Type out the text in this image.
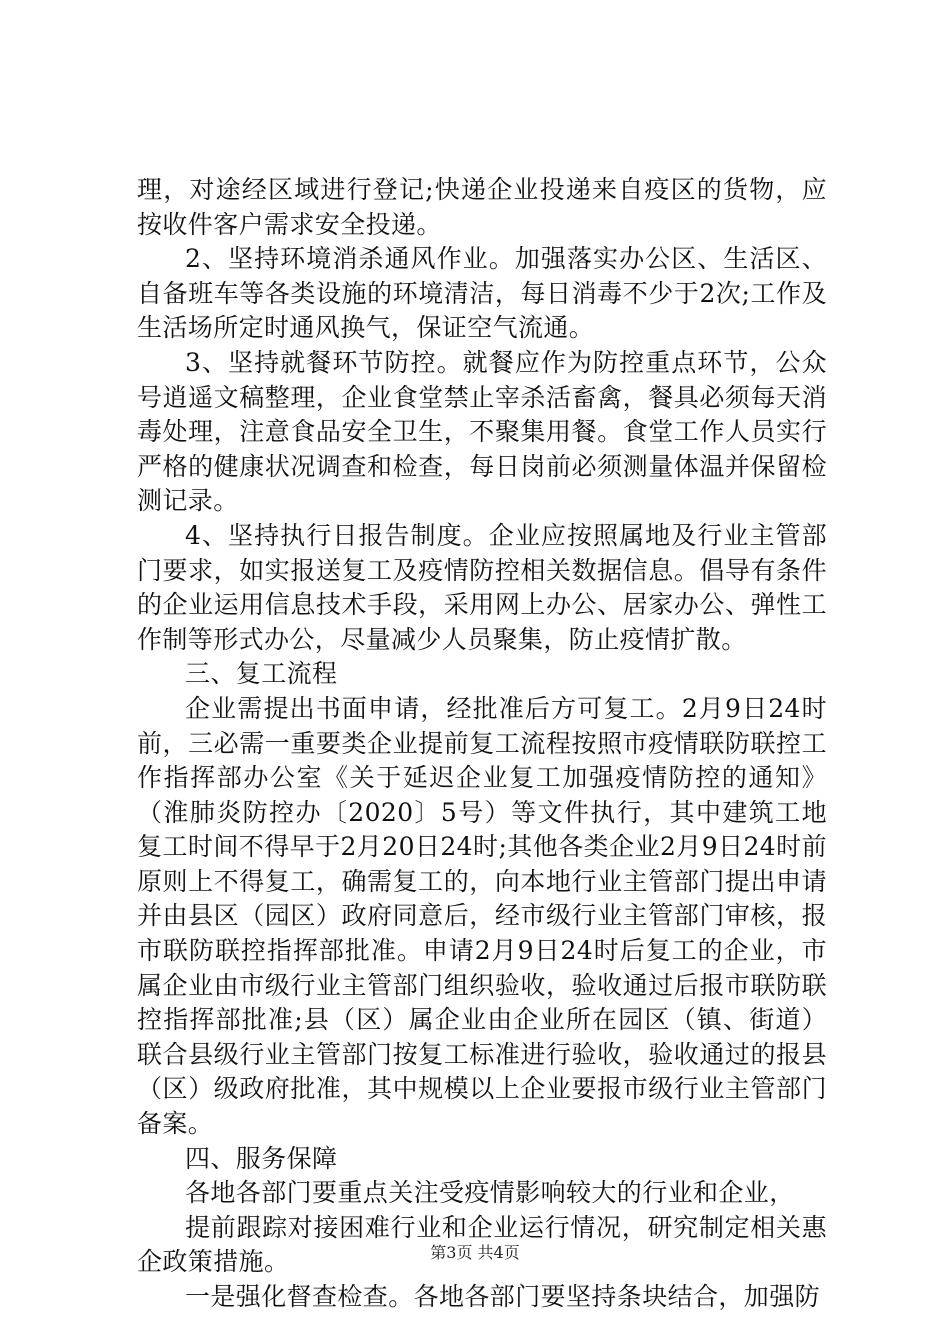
理，对途经区域进行登记;快递企业投递来自疫区的货物，应按收件客户需求安全投递。

2、坚持环境消杀通风作业。加强落实办公区、生活区、自备班车等各类设施的环境清洁，每日消毒不少于2次;工作及生活场所定时通风换气，保证空气流通。

3、坚持就餐环节防控。就餐应作为防控重点环节，公众号逍遥文稿整理，企业食堂禁止宰杀活畜禽，餐具必须每天消毒处理，注意食品安全卫生，不聚集用餐。食堂工作人员实行严格的健康状况调查和检查，每日岗前必须测量体温并保留检测记录。

4、坚持执行日报告制度。企业应按照属地及行业主管部门要求，如实报送复工及疫情防控相关数据信息。倡导有条件的企业运用信息技术手段，采用网上办公、居家办公、弹性工作制等形式办公，尽量减少人员聚集，防止疫情扩散。

三、复工流程

企业需提出书面申请，经批准后方可复工。2月9日24时前，三必需一重要类企业提前复工流程按照市疫情联防联控工作指挥部办公室《关于延迟企业复工加强疫情防控的通知》（淮肺炎防控办〔2020〕5号）等文件执行，其中建筑工地复工时间不得早于2月20日24时;其他各类企业2月9日24时前原则上不得复工，确需复工的，向本地行业主管部门提出申请并由县区（园区）政府同意后，经市级行业主管部门审核，报市联防联控指挥部批准。申请2月9日24时后复工的企业，市属企业由市级行业主管部门组织验收，验收通过后报市联防联控指挥部批准;县（区）属企业由企业所在园区（镇、街道）联合县级行业主管部门按复工标准进行验收，验收通过的报县（区）级政府批准，其中规模以上企业要报市级行业主管部门备案。

四、服务保障

各地各部门要重点关注受疫情影响较大的行业和企业，

提前跟踪对接困难行业和企业运行情况，研究制定相关惠企政策措施。

一是强化督查检查。各地各部门要坚持条块结合，加强防

第3页 共4页
